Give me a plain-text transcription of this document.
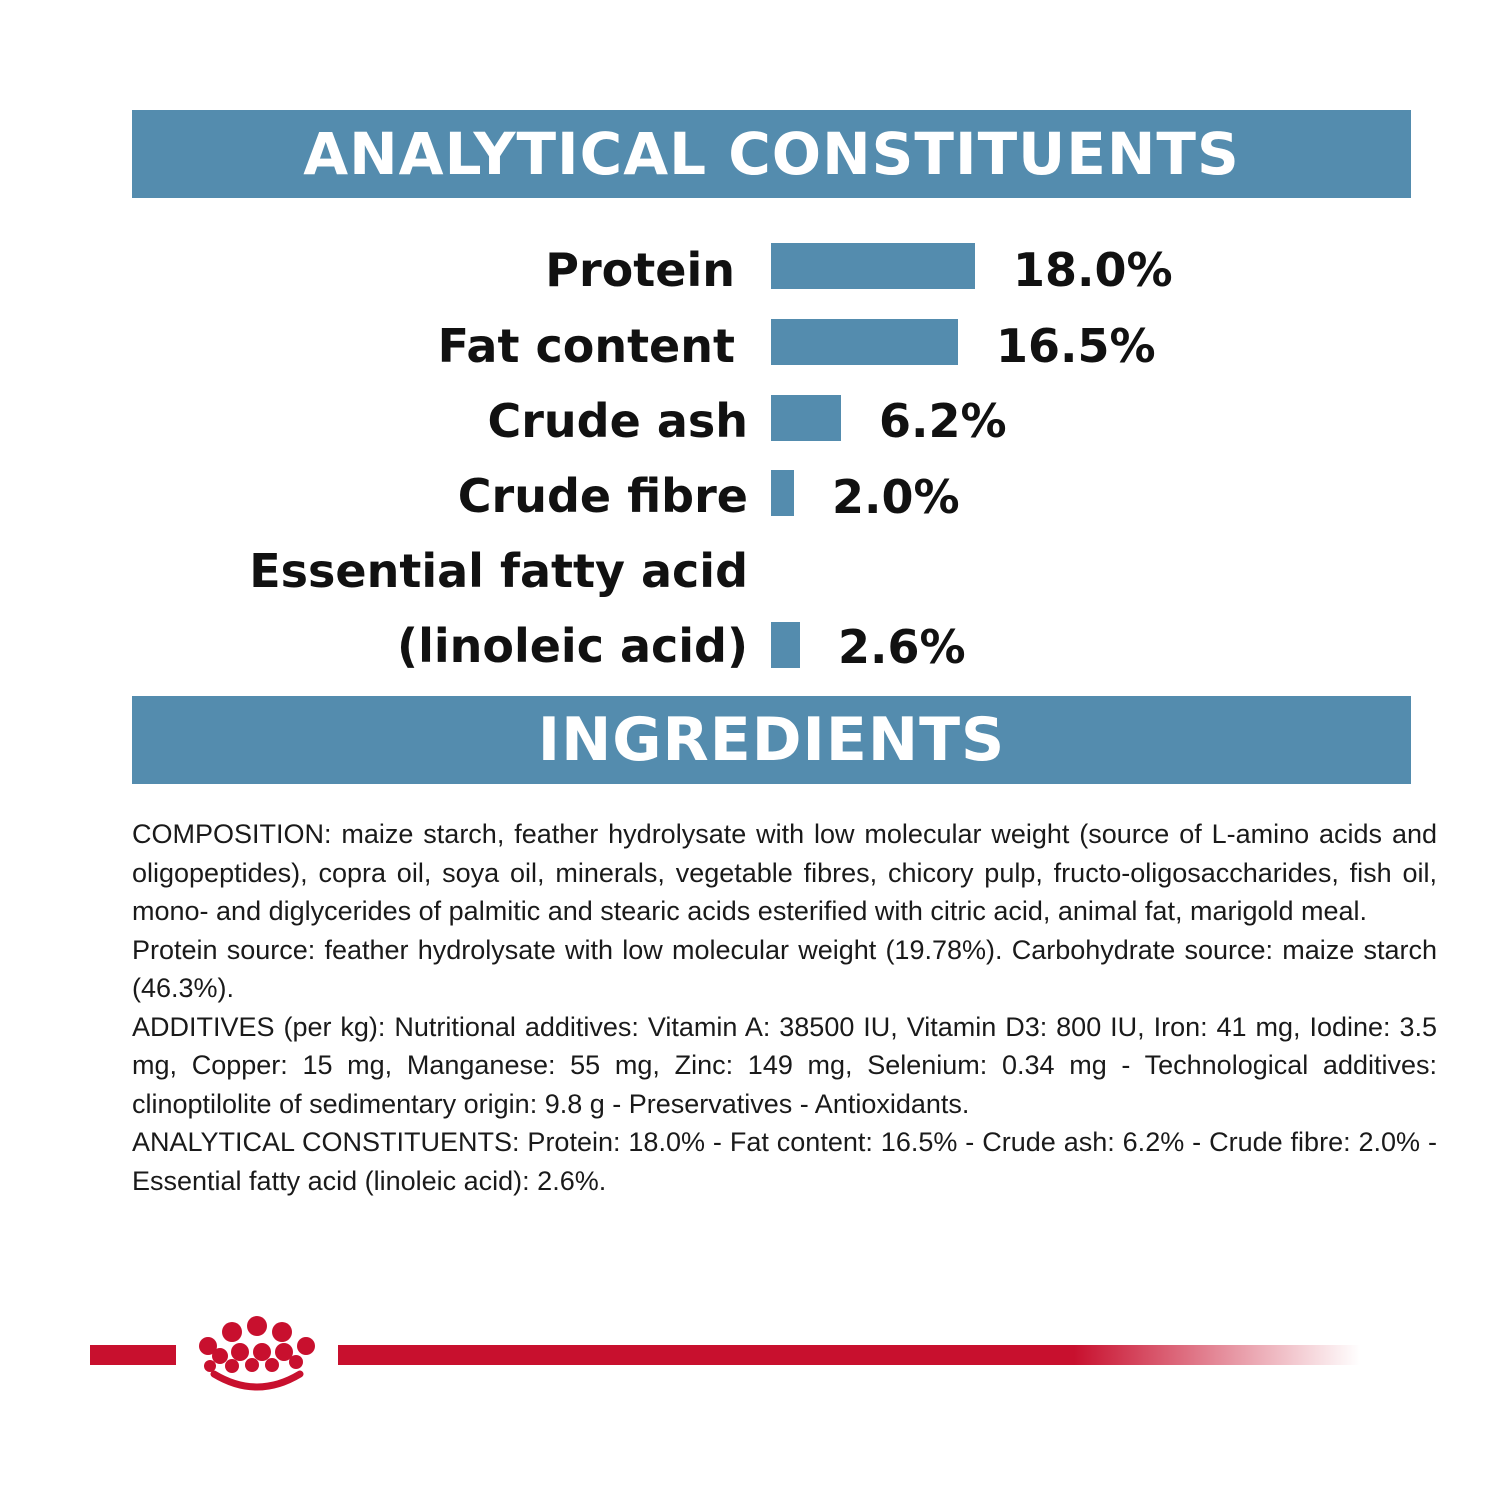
ANALYTICAL CONSTITUENTS
Protein	18.0%
Fat content	16.5%
Crude ash	6.2%
Crude fibre 2.0%
Essential fatty acid
(linoleic acid) 2.6%
INGREDIENTS

COMPOSITION: maize starch, feather hydrolysate with low molecular weight (source of L-amino acids and oligopeptides), copra oil, soya oil, minerals, vegetable fibres, chicory pulp, fructo-oligosaccharides, fish oil, mono- and diglycerides of palmitic and stearic acids esterified with citric acid, animal fat, marigold meal.

Protein source: feather hydrolysate with low molecular weight (19.78%). Carbohydrate source: maize starch (46.3%).

ADDITIVES (per kg): Nutritional additives: Vitamin A: 38500 IU, Vitamin D3: 800 IU, Iron: 41 mg, Iodine: 3.5 mg, Copper: 15 mg, Manganese: 55 mg, Zinc: 149 mg, Selenium: 0.34 mg - Technological additives: clinoptilolite of sedimentary origin: 9.8 g - Preservatives - Antioxidants.

ANALYTICAL CONSTITUENTS: Protein: 18.0% - Fat content: 16.5% - Crude ash: 6.2% - Crude fibre: 2.0% - Essential fatty acid (linoleic acid): 2.6%.
